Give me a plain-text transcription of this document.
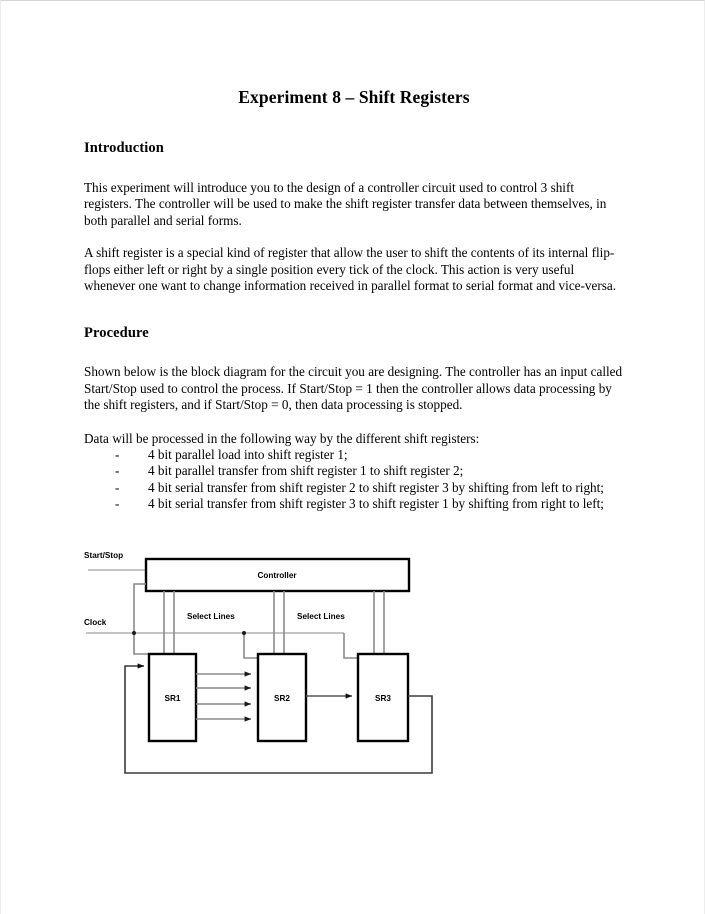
Experiment 8 – Shift Registers
Introduction

This experiment will introduce you to the design of a controller circuit used to control 3 shift registers. The controller will be used to make the shift register transfer data between themselves, in both parallel and serial forms.

A shift register is a special kind of register that allow the user to shift the contents of its internal flip-flops either left or right by a single position every tick of the clock. This action is very useful whenever one want to change information received in parallel format to serial format and vice-versa.

Procedure

Shown below is the block diagram for the circuit you are designing. The controller has an input called Start/Stop used to control the process. If Start/Stop = 1 then the controller allows data processing by the shift registers, and if Start/Stop = 0, then data processing is stopped.

Data will be processed in the following way by the different shift registers:

- 4 bit parallel load into shift register 1;
- 4 bit parallel transfer from shift register 1 to shift register 2;
- 4 bit serial transfer from shift register 2 to shift register 3 by shifting from left to right;
- 4 bit serial transfer from shift register 3 to shift register 1 by shifting from right to left;
Start/Stop
Controller
Select Lines	Select Lines
Clock
SR1	SR2	SR3
